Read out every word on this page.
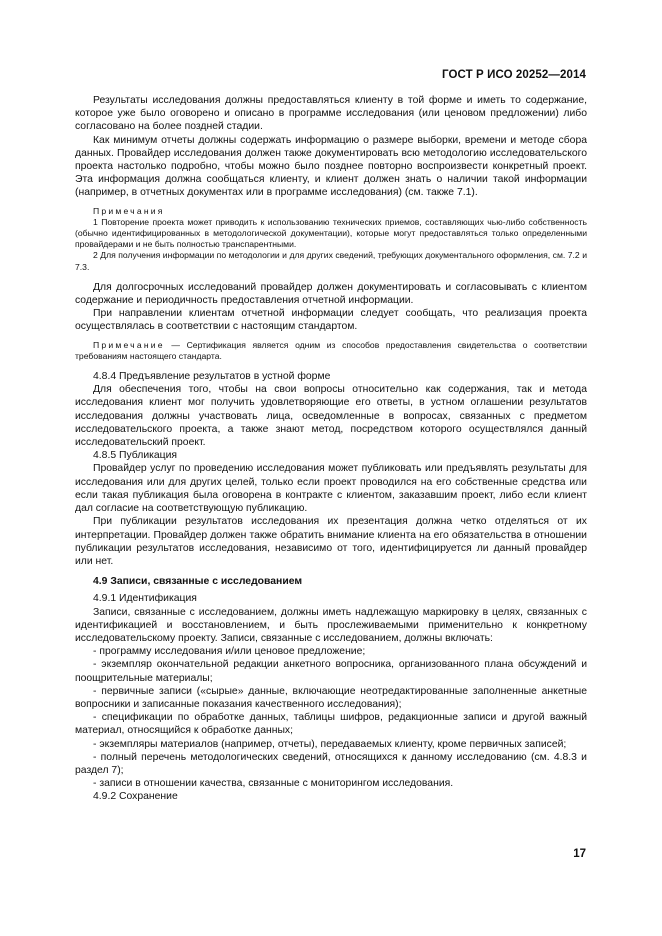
ГОСТ Р ИСО 20252—2014

Результаты исследования должны предоставляться клиенту в той форме и иметь то содержание, которое уже было оговорено и описано в программе исследования (или ценовом предложении) либо согласовано на более поздней стадии.

Как минимум отчеты должны содержать информацию о размере выборки, времени и методе сбора данных. Провайдер исследования должен также документировать всю методологию исследовательского проекта настолько подробно, чтобы можно было позднее повторно воспроизвести конкретный проект. Эта информация должна сообщаться клиенту, и клиент должен знать о наличии такой информации (например, в отчетных документах или в программе исследования) (см. также 7.1).

Примечания

1 Повторение проекта может приводить к использованию технических приемов, составляющих чью-либо собственность (обычно идентифицированных в методологической документации), которые могут предоставляться только определенными провайдерами и не быть полностью транспарентными.

2 Для получения информации по методологии и для других сведений, требующих документального оформления, см. 7.2 и 7.3.

Для долгосрочных исследований провайдер должен документировать и согласовывать с клиентом содержание и периодичность предоставления отчетной информации.

При направлении клиентам отчетной информации следует сообщать, что реализация проекта осуществлялась в соответствии с настоящим стандартом.

Примечание — Сертификация является одним из способов предоставления свидетельства о соответствии требованиям настоящего стандарта.

4.8.4 Предъявление результатов в устной форме

Для обеспечения того, чтобы на свои вопросы относительно как содержания, так и метода исследования клиент мог получить удовлетворяющие его ответы, в устном оглашении результатов исследования должны участвовать лица, осведомленные в вопросах, связанных с предметом исследовательского проекта, а также знают метод, посредством которого осуществлялся данный исследовательский проект.

4.8.5 Публикация

Провайдер услуг по проведению исследования может публиковать или предъявлять результаты для исследования или для других целей, только если проект проводился на его собственные средства или если такая публикация была оговорена в контракте с клиентом, заказавшим проект, либо если клиент дал согласие на соответствующую публикацию.

При публикации результатов исследования их презентация должна четко отделяться от их интерпретации. Провайдер должен также обратить внимание клиента на его обязательства в отношении публикации результатов исследования, независимо от того, идентифицируется ли данный провайдер или нет.

4.9 Записи, связанные с исследованием

4.9.1 Идентификация

Записи, связанные с исследованием, должны иметь надлежащую маркировку в целях, связанных с идентификацией и восстановлением, и быть прослеживаемыми применительно к конкретному исследовательскому проекту. Записи, связанные с исследованием, должны включать:

- программу исследования и/или ценовое предложение;

- экземпляр окончательной редакции анкетного вопросника, организованного плана обсуждений и поощрительные материалы;

- первичные записи («сырые» данные, включающие неотредактированные заполненные анкетные вопросники и записанные показания качественного исследования);

- спецификации по обработке данных, таблицы шифров, редакционные записи и другой важный материал, относящийся к обработке данных;

- экземпляры материалов (например, отчеты), передаваемых клиенту, кроме первичных записей;

- полный перечень методологических сведений, относящихся к данному исследованию (см. 4.8.3 и раздел 7);

- записи в отношении качества, связанные с мониторингом исследования.

4.9.2 Сохранение

17
